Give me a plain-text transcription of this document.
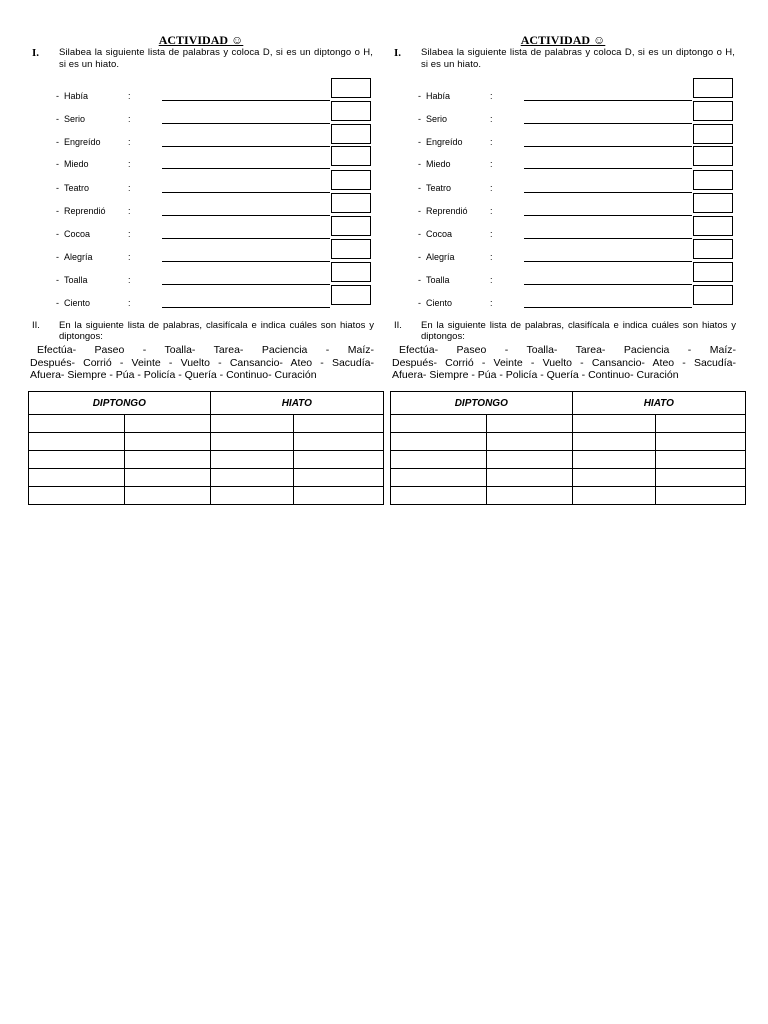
ACTIVIDAD ☺
I. Silabea la siguiente lista de palabras y coloca D, si es un diptongo o H, si es un hiato.
- Había	:
- Serio	:
- Engreído	:
- Miedo	:
- Teatro	:
- Reprendió :
- Cocoa	:
- Alegría	:
- Toalla	:
- Ciento	:
II. En la siguiente lista de palabras, clasifícala e indica cuáles son hiatos y diptongos:
Efectúa- Paseo - Toalla- Tarea- Paciencia - Maíz-
Después- Corrió - Veinte - Vuelto - Cansancio- Ateo - Sacudía-
Afuera- Siempre - Púa - Policía - Quería - Continuo- Curación
DIPTONGO		HIATO	

ACTIVIDAD ☺
I. Silabea la siguiente lista de palabras y coloca D, si es un diptongo o H, si es un hiato.
- Había	:
- Serio	:
- Engreído	:
- Miedo	:
- Teatro	:
- Reprendió :
- Cocoa	:
- Alegría	:
- Toalla	:
- Ciento	:
II. En la siguiente lista de palabras, clasifícala e indica cuáles son hiatos y diptongos:
Efectúa- Paseo - Toalla- Tarea- Paciencia - Maíz-
Después- Corrió - Veinte - Vuelto - Cansancio- Ateo - Sacudía-
Afuera- Siempre - Púa - Policía - Quería - Continuo- Curación
DIPTONGO		HIATO	
